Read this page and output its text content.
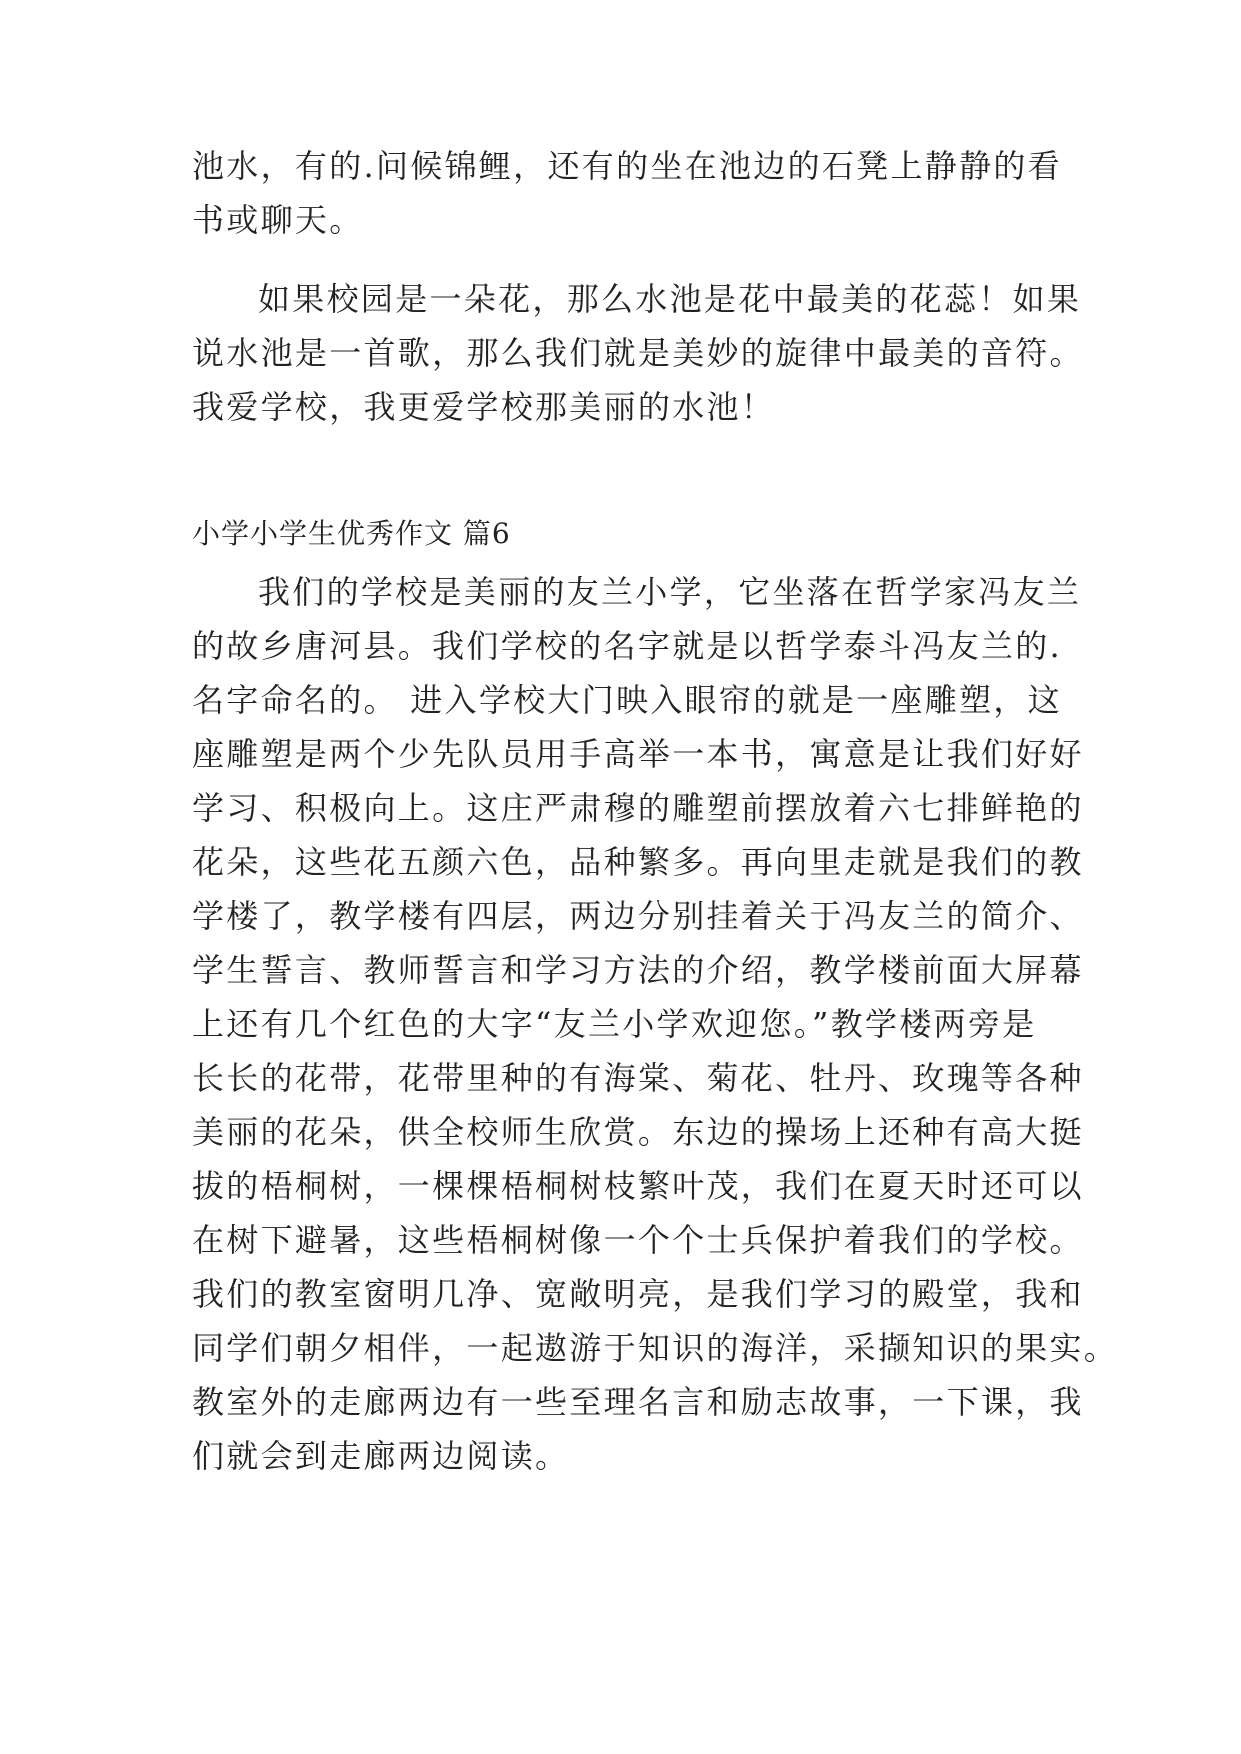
池水，有的.问候锦鲤，还有的坐在池边的石凳上静静的看
书或聊天。
如果校园是一朵花，那么水池是花中最美的花蕊！如果
说水池是一首歌，那么我们就是美妙的旋律中最美的音符。
我爱学校，我更爱学校那美丽的水池！
小学小学生优秀作文 篇6
我们的学校是美丽的友兰小学，它坐落在哲学家冯友兰
的故乡唐河县。我们学校的名字就是以哲学泰斗冯友兰的.
名字命名的。 进入学校大门映入眼帘的就是一座雕塑，这
座雕塑是两个少先队员用手高举一本书，寓意是让我们好好
学习、积极向上。这庄严肃穆的雕塑前摆放着六七排鲜艳的
花朵，这些花五颜六色，品种繁多。再向里走就是我们的教
学楼了，教学楼有四层，两边分别挂着关于冯友兰的简介、
学生誓言、教师誓言和学习方法的介绍，教学楼前面大屏幕
上还有几个红色的大字“友兰小学欢迎您。”教学楼两旁是
长长的花带，花带里种的有海棠、菊花、牡丹、玫瑰等各种
美丽的花朵，供全校师生欣赏。东边的操场上还种有高大挺
拔的梧桐树，一棵棵梧桐树枝繁叶茂，我们在夏天时还可以
在树下避暑，这些梧桐树像一个个士兵保护着我们的学校。
我们的教室窗明几净、宽敞明亮，是我们学习的殿堂，我和
同学们朝夕相伴，一起遨游于知识的海洋，采撷知识的果实。
教室外的走廊两边有一些至理名言和励志故事，一下课，我
们就会到走廊两边阅读。
